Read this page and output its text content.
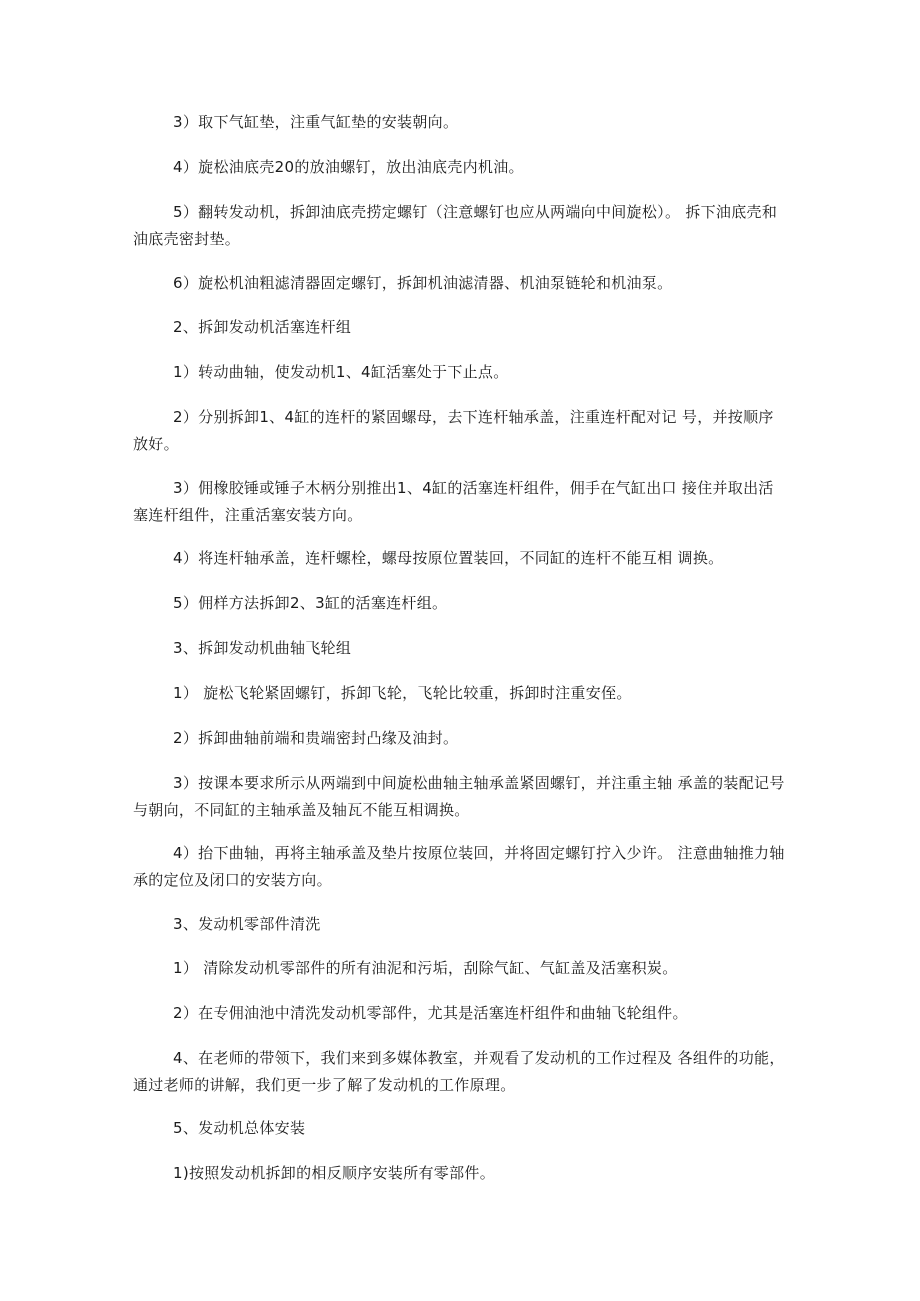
3）取下气缸垫，注重气缸垫的安装朝向。

4）旋松油底壳20的放油螺钉，放出油底壳内机油。

5）翻转发动机，拆卸油底壳捞定螺钉（注意螺钉也应从两端向中间旋松）。 拆下油底壳和油底壳密封垫。

6）旋松机油粗滤清器固定螺钉，拆卸机油滤清器、机油泵链轮和机油泵。

2、拆卸发动机活塞连杆组

1）转动曲轴，使发动机1、4缸活塞处于下止点。

2）分别拆卸1、4缸的连杆的紧固螺母，去下连杆轴承盖，注重连杆配对记 号，并按顺序放好。

3）佣橡胶锤或锤子木柄分别推出1、4缸的活塞连杆组件，佣手在气缸出口 接住并取出活塞连杆组件，注重活塞安装方向。

4）将连杆轴承盖，连杆螺栓，螺母按原位置装回，不同缸的连杆不能互相 调换。

5）佣样方法拆卸2、3缸的活塞连杆组。

3、拆卸发动机曲轴飞轮组

1） 旋松飞轮紧固螺钉，拆卸飞轮，飞轮比较重，拆卸时注重安侄。

2）拆卸曲轴前端和贵端密封凸缘及油封。

3）按课本要求所示从两端到中间旋松曲轴主轴承盖紧固螺钉，并注重主轴 承盖的装配记号与朝向，不同缸的主轴承盖及轴瓦不能互相调换。

4）抬下曲轴，再将主轴承盖及垫片按原位装回，并将固定螺钉拧入少许。 注意曲轴推力轴承的定位及闭口的安装方向。

3、发动机零部件清洗

1） 清除发动机零部件的所有油泥和污垢，刮除气缸、气缸盖及活塞积炭。

2）在专佣油池中清洗发动机零部件，尤其是活塞连杆组件和曲轴飞轮组件。

4、在老师的带领下，我们来到多媒体教室，并观看了发动机的工作过程及 各组件的功能，通过老师的讲解，我们更一步了解了发动机的工作原理。

5、发动机总体安装

1)按照发动机拆卸的相反顺序安装所有零部件。
